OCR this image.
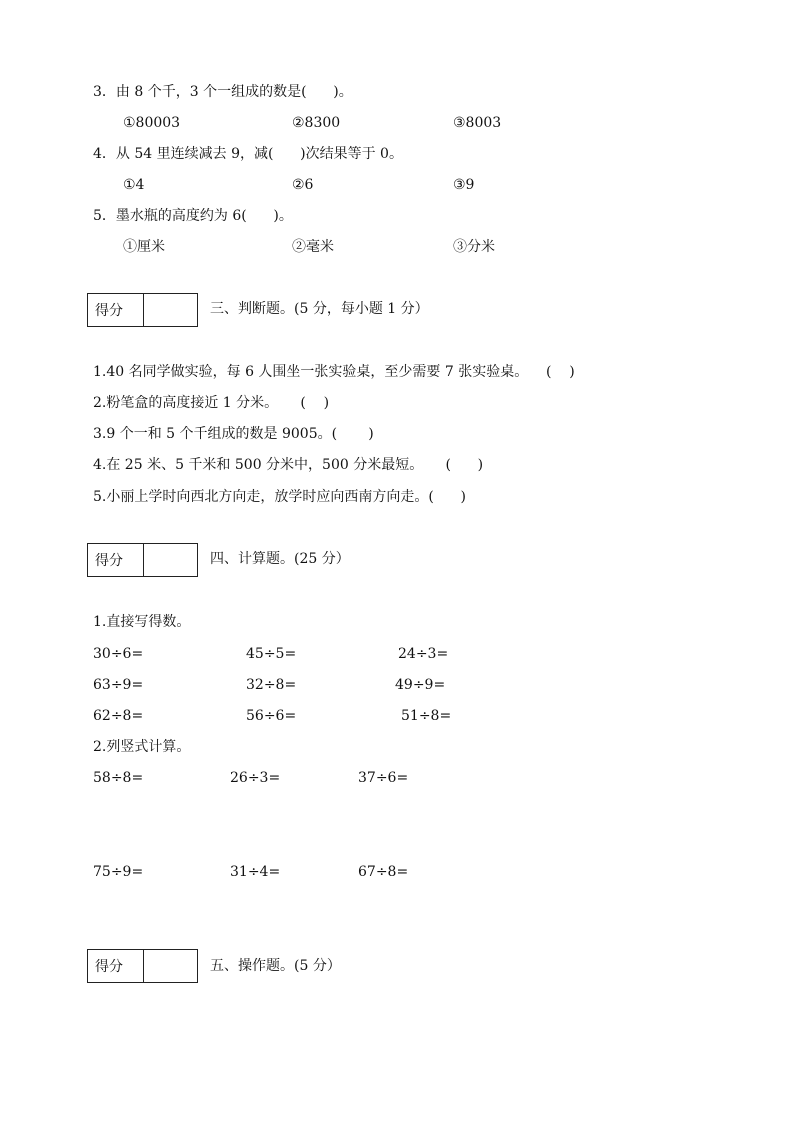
3．由 8 个千，3 个一组成的数是(      )。
①80003	②8300	③8003
4．从 54 里连续减去 9，减(      )次结果等于 0。
①4	②6	③9
5．墨水瓶的高度约为 6(      )。
①厘米	②毫米	③分米
得分	三、判断题。(5 分，每小题 1 分）
1.40 名同学做实验，每 6 人围坐一张实验桌，至少需要 7 张实验桌。    (    )
2.粉笔盒的高度接近 1 分米。     (    )
3.9 个一和 5 个千组成的数是 9005。(       )
4.在 25 米、5 千米和 500 分米中，500 分米最短。     (      )
5.小丽上学时向西北方向走，放学时应向西南方向走。(      )
得分	四、计算题。(25 分）
1.直接写得数。
30÷6=	45÷5=	24÷3=
63÷9=	32÷8=	49÷9=
62÷8=	56÷6=	51÷8=
2.列竖式计算。
58÷8=	26÷3=	37÷6=
75÷9=	31÷4=	67÷8=
得分	五、操作题。(5 分）
